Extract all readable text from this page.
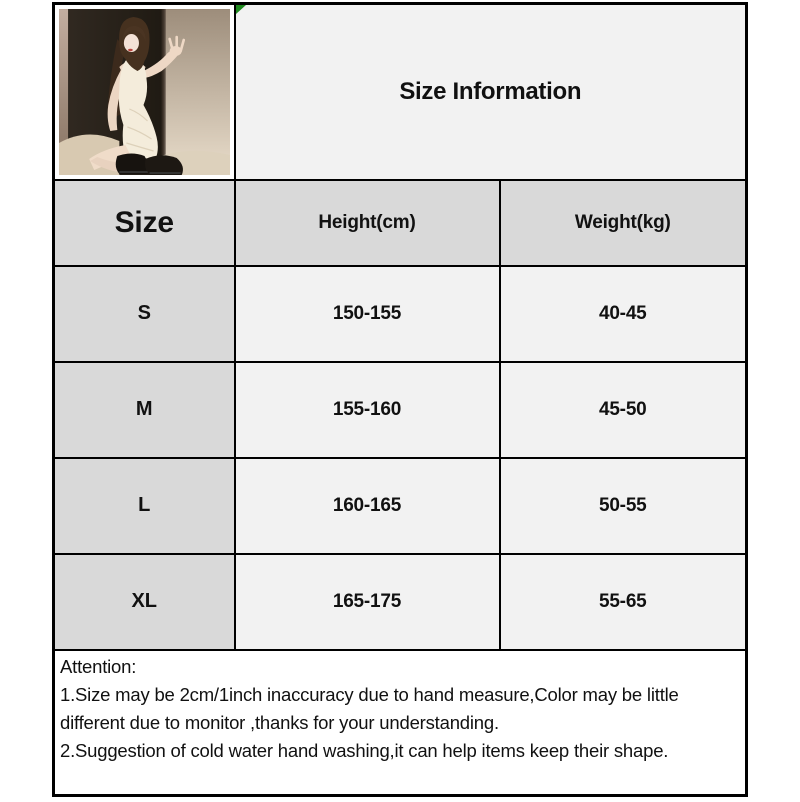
Size Information	
Size	Height(cm)	Weight(kg)
S	150-155	40-45
M	155-160	45-50
L	160-165	50-55
XL	165-175	55-65

Attention:
1.Size may be 2cm/1inch inaccuracy due to hand measure,Color may be little
different due to monitor ,thanks for your understanding.
2.Suggestion of cold water hand washing,it can help items keep their shape.		
